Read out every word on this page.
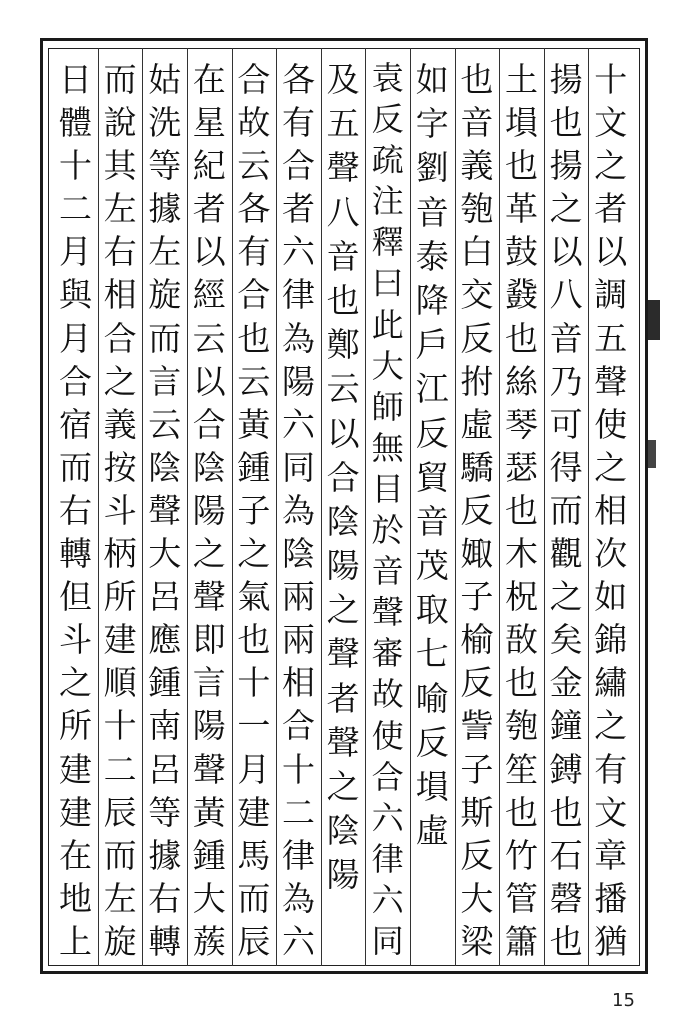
十
文
之
者
以
調
五
聲
使
之
相
次
如
錦
繡
之
有
文
章
播
猶
揚
也
揚
之
以
八
音
乃
可
得
而
觀
之
矣
金
鐘
鎛
也
石
磬
也
土
塤
也
革
鼓
鼗
也
絲
琴
瑟
也
木
柷
敔
也
匏
笙
也
竹
管
簫
也
音
義
匏
白
交
反
拊
虛
驕
反
娵
子
榆
反
訾
子
斯
反
大
梁
如
字
劉
音
泰
降
戶
江
反
貿
音
茂
取
七
喻
反
塤
虛
袁
反
疏
注
釋
曰
此
大
師
無
目
於
音
聲
審
故
使
合
六
律
六
同
及
五
聲
八
音
也
鄭
云
以
合
陰
陽
之
聲
者
聲
之
陰
陽
各
有
合
者
六
律
為
陽
六
同
為
陰
兩
兩
相
合
十
二
律
為
六
合
故
云
各
有
合
也
云
黃
鍾
子
之
氣
也
十
一
月
建
馬
而
辰
在
星
紀
者
以
經
云
以
合
陰
陽
之
聲
即
言
陽
聲
黃
鍾
大
蔟
姑
洗
等
據
左
旋
而
言
云
陰
聲
大
呂
應
鍾
南
呂
等
據
右
轉
而
說
其
左
右
相
合
之
義
按
斗
柄
所
建
順
十
二
辰
而
左
旋
日
體
十
二
月
與
月
合
宿
而
右
轉
但
斗
之
所
建
建
在
地
上
15
